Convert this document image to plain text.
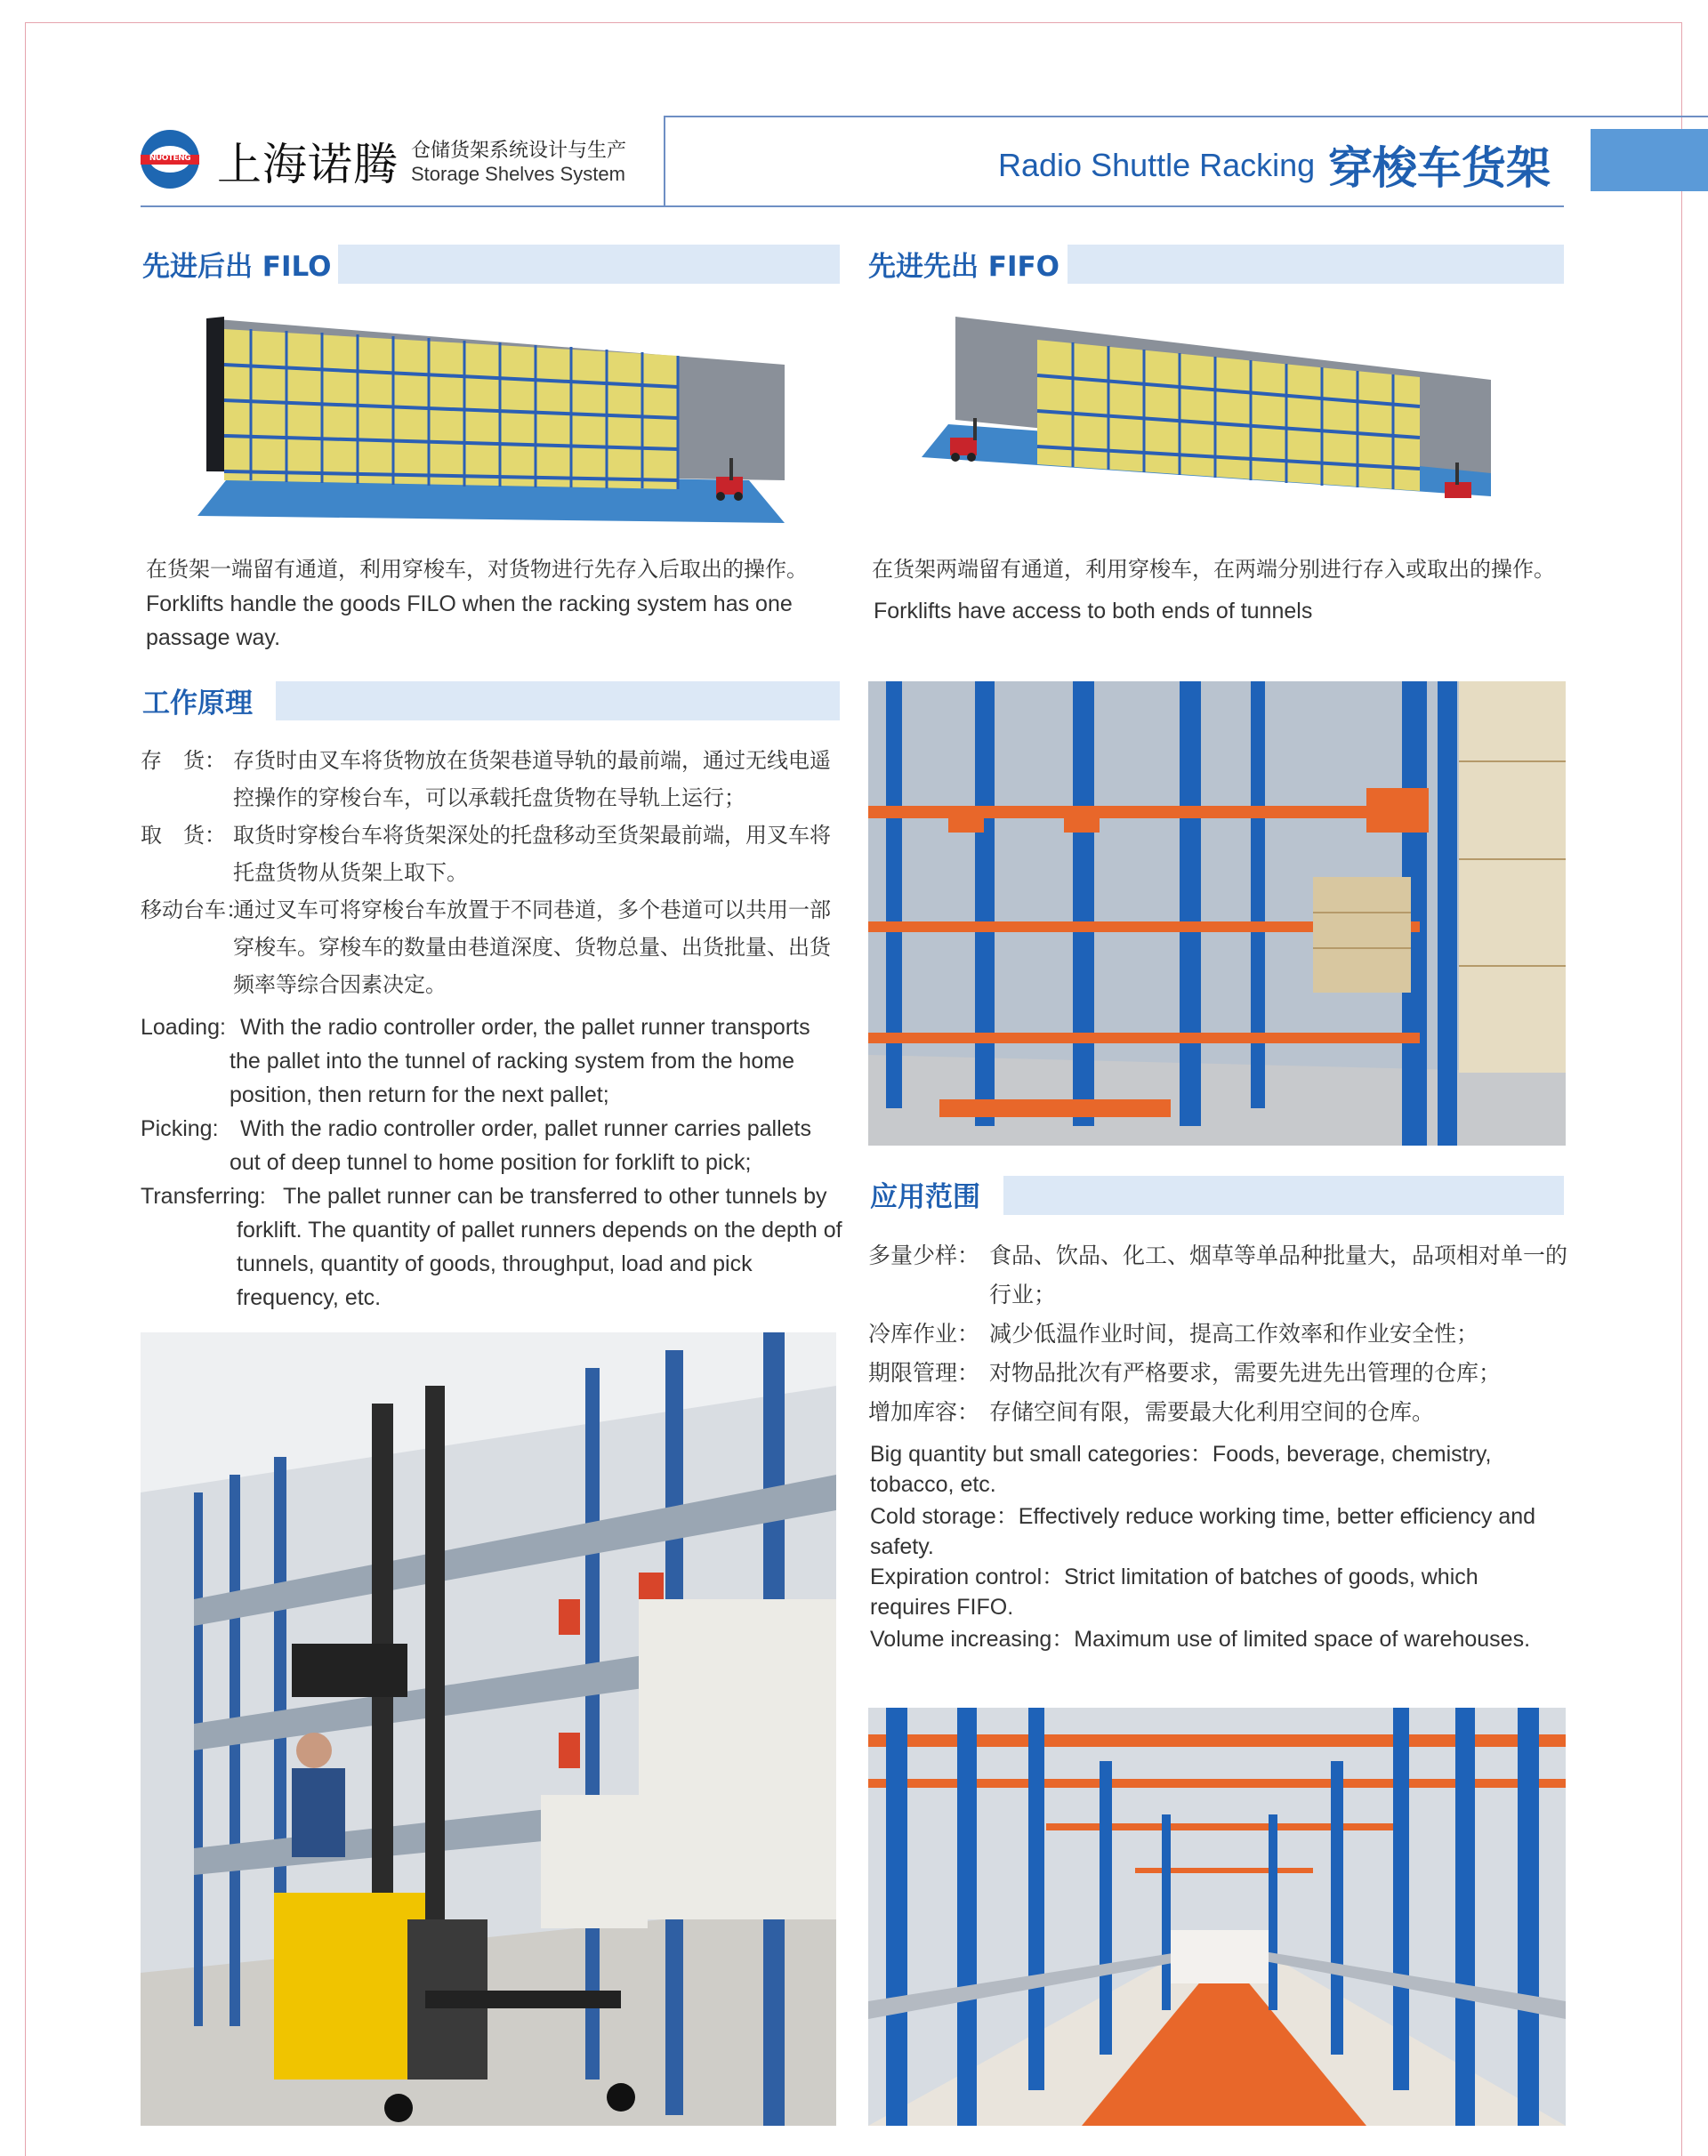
NUOTENG 上海诺腾 仓储货架系统设计与生产
Storage Shelves System	Radio Shuttle Racking 穿梭车货架
先进后出 FILO
在货架一端留有通道，利用穿梭车，对货物进行先存入后取出的操作。
Forklifts handle the goods FILO when the racking system has one passage way.
先进先出 FIFO
在货架两端留有通道，利用穿梭车，在两端分别进行存入或取出的操作。
Forklifts have access to both ends of tunnels
工作原理
存　货： 存货时由叉车将货物放在货架巷道导轨的最前端，通过无线电遥控操作的穿梭台车，可以承载托盘货物在导轨上运行；
取　货： 取货时穿梭台车将货架深处的托盘移动至货架最前端，用叉车将托盘货物从货架上取下。
移动台车：
通过叉车可将穿梭台车放置于不同巷道，多个巷道可以共用一部穿梭车。穿梭车的数量由巷道深度、货物总量、出货批量、出货频率等综合因素决定。
Loading: With the radio controller order, the pallet runner transports the pallet into the tunnel of racking system from the home position, then return for the next pallet;
Picking: With the radio controller order, pallet runner carries pallets out of deep tunnel to home position for forklift to pick;
Transferring: The pallet runner can be transferred to other tunnels by forklift. The quantity of pallet runners depends on the depth of tunnels, quantity of goods, throughput, load and pick frequency, etc.
应用范围
多量少样： 食品、饮品、化工、烟草等单品种批量大，品项相对单一的行业；
冷库作业： 减少低温作业时间，提高工作效率和作业安全性；
期限管理： 对物品批次有严格要求，需要先进先出管理的仓库；
增加库容： 存储空间有限，需要最大化利用空间的仓库。
Big quantity but small categories：Foods, beverage, chemistry, tobacco, etc.
Cold storage：Effectively reduce working time, better efficiency and safety.
Expiration control：Strict limitation of batches of goods, which requires FIFO.
Volume increasing：Maximum use of limited space of warehouses.
